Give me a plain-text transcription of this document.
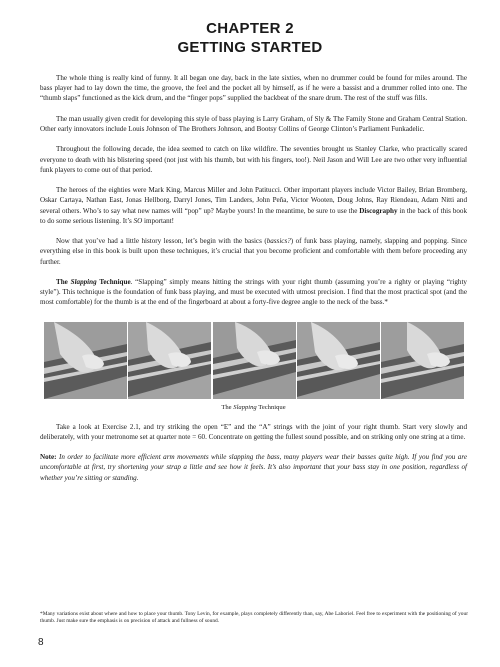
CHAPTER 2
GETTING STARTED

The whole thing is really kind of funny. It all began one day, back in the late sixties, when no drummer could be found for miles around. The bass player had to lay down the time, the groove, the feel and the pocket all by himself, as if he were a bassist and a drummer rolled into one. The “thumb slaps” functioned as the kick drum, and the “finger pops” supplied the backbeat of the snare drum. The rest of the stuff was fills.

The man usually given credit for developing this style of bass playing is Larry Graham, of Sly & The Family Stone and Graham Central Station. Other early innovators include Louis Johnson of The Brothers Johnson, and Bootsy Collins of George Clinton’s Parliament Funkadelic.

Throughout the following decade, the idea seemed to catch on like wildfire. The seventies brought us Stanley Clarke, who practically scared everyone to death with his blistering speed (not just with his thumb, but with his fingers, too!). Neil Jason and Will Lee are two other very influential funk players to come out of that period.

The heroes of the eighties were Mark King, Marcus Miller and John Patitucci. Other important players include Victor Bailey, Brian Bromberg, Oskar Cartaya, Nathan East, Jonas Hellborg, Darryl Jones, Tim Landers, John Peña, Victor Wooten, Doug Johns, Ray Riendeau, Adam Nitti and several others. Who’s to say what new names will “pop” up? Maybe yours! In the meantime, be sure to use the Discography in the back of this book to do some serious listening. It’s SO important!

Now that you’ve had a little history lesson, let’s begin with the basics (bassics?) of funk bass playing, namely, slapping and popping. Since everything else in this book is built upon these techniques, it’s crucial that you become proficient and comfortable with them before proceeding any further.

The Slapping Technique. “Slapping” simply means hitting the strings with your right thumb (assuming you’re a righty or playing “righty style”). This technique is the foundation of funk bass playing, and must be executed with utmost precision. I find that the most practical spot (and the most comfortable) for the thumb is at the end of the fingerboard at about a forty-five degree angle to the neck of the bass.*

The Slapping Technique

Take a look at Exercise 2.1, and try striking the open “E” and the “A” strings with the joint of your right thumb. Start very slowly and deliberately, with your metronome set at quarter note = 60. Concentrate on getting the fullest sound possible, and on striking only one string at a time.

Note: In order to facilitate more efficient arm movements while slapping the bass, many players wear their basses quite high. If you find you are uncomfortable at first, try shortening your strap a little and see how it feels. It’s also important that your bass stay in one position, regardless of whether you’re sitting or standing.

*Many variations exist about where and how to place your thumb. Tony Levin, for example, plays completely differently than, say, Abe Laboriel. Feel free to experiment with the positioning of your thumb. Just make sure the emphasis is on precision of attack and fullness of sound.
8
